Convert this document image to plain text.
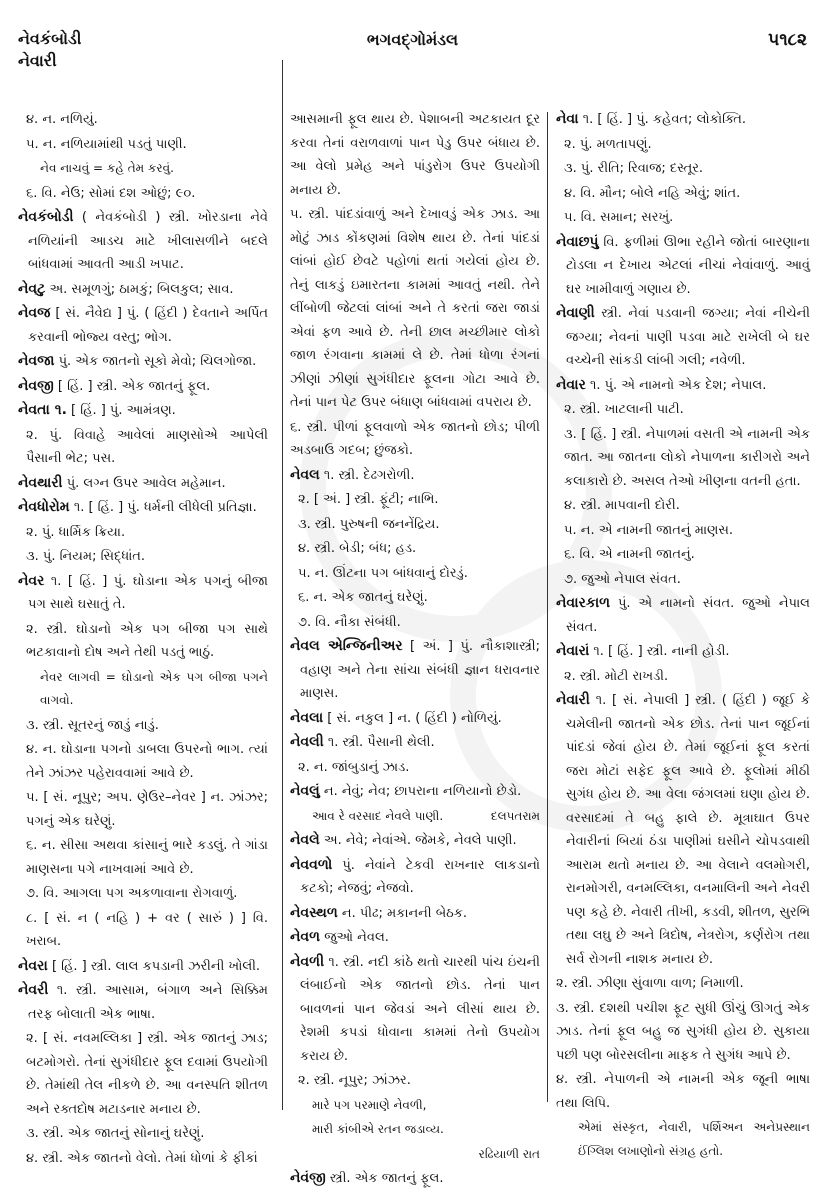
નેવકંબોડી
નેવારી
ભગવદ્ગોમંડલ	૫૧૮૨
૪. ન. નળિયું.
૫. ન. નળિયામાંથી પડતું પાણી.
નેવ નાચવું = કહે તેમ કરવું.
૬. વિ. નેઉ; સોમાં દશ ઓછું; ૯૦.
નેવકંબોડી ( નેવકંબોડી ) સ્ત્રી. ખોરડાના નેવે નળિયાંની આડચ માટે ખીલાસળીને બદલે બાંધવામાં આવતી આડી ખપાટ.
નેવટુ અ. સમૂળગું; ઠામકું; બિલકુલ; સાવ.
નેવજ [ સં. નૈવેદ્ય ] પું. ( હિંદી ) દેવતાને અર્પિત કરવાની ભોજ્ય વસ્તુ; ભોગ.
નેવજા પું. એક જાતનો સૂકો મેવો; ચિલગોજા.
નેવજી [ હિં. ] સ્ત્રી. એક જાતનું ફૂલ.
નેવતા ૧. [ હિં. ] પું. આમંત્રણ.
૨. પું. વિવાહે આવેલાં માણસોએ આપેલી પૈસાની ભેટ; પસ.
નેવથારી પું. લગ્ન ઉપર આવેલ મહેમાન.
નેવધોરોમ ૧. [ હિં. ] પું. ધર્મની લીધેલી પ્રતિજ્ઞા.
૨. પું. ધાર્મિક ક્રિયા.
૩. પું. નિયમ; સિદ્ધાંત.
નેવર ૧. [ હિં. ] પું. ઘોડાના એક પગનું બીજા પગ સાથે ઘસાતું તે.
૨. સ્ત્રી. ઘોડાનો એક પગ બીજા પગ સાથે ભટકાવાનો દોષ અને તેથી પડતું ભાઠું.
નેવર લાગવી = ઘોડાનો એક પગ બીજા પગને વાગવો.
૩. સ્ત્રી. સૂતરનું જાડું નાડું.
૪. ન. ઘોડાના પગનો ડાબલા ઉપરનો ભાગ. ત્યાં તેને ઝાંઝર પહેરાવવામાં આવે છે.
૫. [ સં. નૂપુર; અપ. ણેઉર–નેવર ] ન. ઝાંઝર; પગનું એક ઘરેણું.
૬. ન. સીસા અથવા કાંસાનું ભારે કડલું. તે ગાંડા માણસના પગે નાખવામાં આવે છે.
૭. વિ. આગલા પગ અકળાવાના રોગવાળું.
૮. [ સં. ન ( નહિ ) + વર ( સારું ) ] વિ. ખરાબ.
નેવરા [ હિં. ] સ્ત્રી. લાલ કપડાની ઝરીની ખોલી.
નેવરી ૧. સ્ત્રી. આસામ, બંગાળ અને સિક્કિમ તરફ બોલાતી એક ભાષા.
૨. [ સં. નવમલ્લિકા ] સ્ત્રી. એક જાતનું ઝાડ; બટમોગરો. તેનાં સુગંધીદાર ફૂલ દવામાં ઉપયોગી છે. તેમાંથી તેલ નીકળે છે. આ વનસ્પતિ શીતળ અને રક્તદોષ મટાડનાર મનાય છે.
૩. સ્ત્રી. એક જાતનું સોનાનું ઘરેણું.
૪. સ્ત્રી. એક જાતનો વેલો. તેમાં ધોળાં કે ફીકાં
આસમાની ફૂલ થાય છે. પેશાબની અટકાયત દૂર કરવા તેનાં વરાળવાળાં પાન પેડુ ઉપર બંધાય છે. આ વેલો પ્રમેહ અને પાંડુરોગ ઉપર ઉપયોગી મનાય છે.
૫. સ્ત્રી. પાંદડાંવાળું અને દેખાવડું એક ઝાડ. આ મોટું ઝાડ કોંકણમાં વિશેષ થાય છે. તેનાં પાંદડાં લાંબાં હોઈ છેવટે પહોળાં થતાં ગયેલાં હોય છે. તેનું લાકડું ઇમારતના કામમાં આવતું નથી. તેને લીંબોળી જેટલાં લાંબાં અને તે કરતાં જરા જાડાં એવાં ફળ આવે છે. તેની છાલ મચ્છીમાર લોકો જાળ રંગવાના કામમાં લે છે. તેમાં ધોળા રંગનાં ઝીણાં ઝીણાં સુગંધીદાર ફૂલના ગોટા આવે છે. તેનાં પાન પેટ ઉપર બંધાણ બાંધવામાં વપરાય છે.
૬. સ્ત્રી. પીળાં ફૂલવાળો એક જાતનો છોડ; પીળી અડબાઉ ગદબ; છુંજકો.
નેવલ ૧. સ્ત્રી. દેઢગરોળી.
૨. [ અં. ] સ્ત્રી. ફૂંટી; નાભિ.
૩. સ્ત્રી. પુરુષની જનનેંદ્રિય.
૪. સ્ત્રી. બેડી; બંધ; હડ.
૫. ન. ઊંટના પગ બાંધવાનું દોરડું.
૬. ન. એક જાતનું ઘરેણું.
૭. વિ. નૌકા સંબંધી.
નેવલ એન્જિનીઅર [ અં. ] પું. નૌકાશાસ્ત્રી; વહાણ અને તેના સાંચા સંબંધી જ્ઞાન ધરાવનાર માણસ.
નેવલા [ સં. નકુલ ] ન. ( હિંદી ) નોળિયું.
નેવલી ૧. સ્ત્રી. પૈસાની થેલી.
૨. ન. જાંબુડાનું ઝાડ.
નેવલું ન. નેવું; નેવ; છાપરાના નળિયાનો છેડો.
દલપતરામ
આવ રે વરસાદ નેવલે પાણી.
નેવલે અ. નેવે; નેવાંએ. જેમકે, નેવલે પાણી.
નેવવળો પું. નેવાંને ટેકવી રાખનાર લાકડાનો કટકો; નેજવું; નેજવો.
નેવસ્થળ ન. પીઢ; મકાનની બેઠક.
નેવળ જુઓ નેવલ.
નેવળી ૧. સ્ત્રી. નદી કાંઠે થતો ચારથી પાંચ ઇંચની લંબાઈનો એક જાતનો છોડ. તેનાં પાન બાવળનાં પાન જેવડાં અને લીસાં થાય છે. રેશમી કપડાં ધોવાના કામમાં તેનો ઉપયોગ કરાય છે.
૨. સ્ત્રી. નૂપુર; ઝાંઝર.
મારે પગ પરમાણે નેવળી,
મારી કાંબીએ રતન જડાવ્ય.
રઢિયાળી રાત
નેવંજી સ્ત્રી. એક જાતનું ફૂલ.
નેવા ૧. [ હિં. ] પું. કહેવત; લોકોક્તિ.
૨. પું. મળતાપણું.
૩. પું. રીતિ; રિવાજ; દસ્તૂર.
૪. વિ. મૌન; બોલે નહિ એવું; શાંત.
૫. વિ. સમાન; સરખું.
નેવાછપું વિ. ફળીમાં ઊભા રહીને જોતાં બારણાના ટોડલા ન દેખાય એટલાં નીચાં નેવાંવાળું. આવું ઘર ખામીવાળું ગણાય છે.
નેવાણી સ્ત્રી. નેવાં પડવાની જગ્યા; નેવાં નીચેની જગ્યા; નેવનાં પાણી પડવા માટે રાખેલી બે ઘર વચ્ચેની સાંકડી લાંબી ગલી; નવેળી.
નેવાર ૧. પું. એ નામનો એક દેશ; નેપાલ.
૨. સ્ત્રી. ખાટલાની પાટી.
૩. [ હિં. ] સ્ત્રી. નેપાળમાં વસતી એ નામની એક જાત. આ જાતના લોકો નેપાળના કારીગરો અને કલાકારો છે. અસલ તેઓ ખીણના વતની હતા.
૪. સ્ત્રી. માપવાની દોરી.
૫. ન. એ નામની જાતનું માણસ.
૬. વિ. એ નામની જાતનું.
૭. જુઓ નેપાલ સંવત.
નેવારકાળ પું. એ નામનો સંવત. જુઓ નેપાલ સંવત.
નેવારાં ૧. [ હિં. ] સ્ત્રી. નાની હોડી.
૨. સ્ત્રી. મોટી રાખડી.
નેવારી ૧. [ સં. નેપાલી ] સ્ત્રી. ( હિંદી ) જૂઈ કે ચમેલીની જાતનો એક છોડ. તેનાં પાન જૂઈનાં પાંદડાં જેવાં હોય છે. તેમાં જૂઈનાં ફૂલ કરતાં જરા મોટાં સફેદ ફૂલ આવે છે. ફૂલોમાં મીઠી સુગંધ હોય છે. આ વેલા જંગલમાં ઘણા હોય છે. વરસાદમાં તે બહુ ફાલે છે. મૂત્રાઘાત ઉપર નેવારીનાં બિયાં ઠંડા પાણીમાં ઘસીને ચોપડવાથી આરામ થતો મનાય છે. આ વેલાને વલમોગરી, રાનમોગરી, વનમલ્લિકા, વનમાલિની અને નેવરી પણ કહે છે. નેવારી તીખી, કડવી, શીતળ, સુરભિ તથા લઘુ છે અને ત્રિદોષ, નેત્રરોગ, કર્ણરોગ તથા સર્વ રોગની નાશક મનાય છે.
૨. સ્ત્રી. ઝીણા સુંવાળા વાળ; નિમાળી.
૩. સ્ત્રી. દશથી પચીશ ફૂટ સુધી ઊંચું ઊગતું એક ઝાડ. તેનાં ફૂલ બહુ જ સુગંધી હોય છે. સુકાયા પછી પણ બોરસલીના માફક તે સુગંધ આપે છે.
૪. સ્ત્રી. નેપાળની એ નામની એક જૂની ભાષા તથા લિપિ.
પ્રસ્થાન
એમાં સંસ્કૃત, નેવારી, પર્શિઅન અને ઈંગ્લિશ લખાણોનો સંગ્રહ હતો.
